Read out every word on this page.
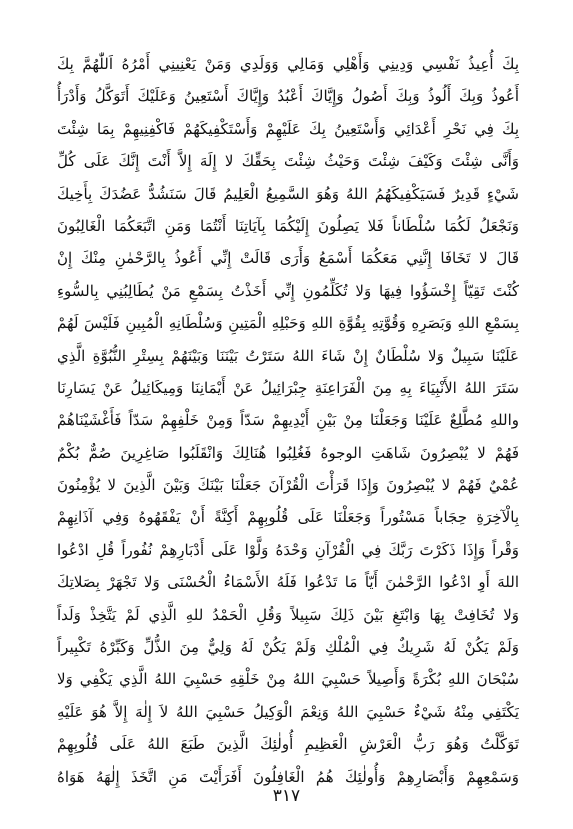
بِكَ أُعِيذُ نَفْسِي وَدِينِي وَأَهْلِي وَمَالِي وَوَلَدِي وَمَنْ يَعْنِينِي أَمْرُهُ اَللّٰهُمَّ بِكَ
أَعُوذُ وَبِكَ أَلُوذُ وَبِكَ أَصُولُ وَإِيَّاكَ أَعْبُدُ وَإِيَّاكَ أَسْتَعِينُ وَعَلَيْكَ أَتَوَكَّلُ وَأَدْرَأُ
بِكَ فِي نَحْرِ أَعْدَائِي وَأَسْتَعِينُ بِكَ عَلَيْهِمْ وَأَسْتَكْفِيكَهُمْ فَاكْفِنِيهِمْ بِمَا شِئْتَ
وَأَنَّى شِئْتَ وَكَيْفَ شِئْتَ وَحَيْثُ شِئْتَ بِحَقِّكَ لا إِلَهَ إِلاَّ أَنْتَ إِنَّكَ عَلَى كُلِّ
شَيْءٍ قَدِيرٌ فَسَيَكْفِيكَهُمُ اللهُ وَهُوَ السَّمِيعُ الْعَلِيمُ قَالَ سَنَشُدُّ عَضُدَكَ بِأَخِيكَ
وَنَجْعَلُ لَكُمَا سُلْطَاناً فَلا يَصِلُونَ إِلَيْكُمَا بِآيَاتِنَا أَنْتُمَا وَمَنِ اتَّبَعَكُمَا الْغَالِبُونَ
قَالَ لا تَخَافَا إِنَّنِي مَعَكُمَا أَسْمَعُ وَأَرَى قَالَتْ إِنِّي أَعُوذُ بِالرَّحْمٰنِ مِنْكَ إِنْ
كُنْتَ تَقِيّاً إِخْسَؤُوا فِيهَا وَلا تُكَلِّمُونِ إِنِّي أَخَذْتُ بِسَمْعِ مَنْ يُطَالِبُنِي بِالسُّوءِ
بِسَمْعِ اللهِ وَبَصَرِهِ وَقُوَّتِهِ بِقُوَّةِ اللهِ وَحَبْلِهِ الْمَتِينِ وَسُلْطَانِهِ الْمُبِينِ فَلَيْسَ لَهُمْ
عَلَيْنَا سَبِيلٌ وَلا سُلْطَانٌ إِنْ شَاءَ اللهُ سَتَرْتُ بَيْنَنَا وَبَيْنَهُمْ بِسِتْرِ النُّبُوَّةِ الَّذِي
سَتَرَ اللهُ الأَنْبِيَاءَ بِهِ مِنَ الْفَرَاعِنَةِ جِبْرَائِيلُ عَنْ أَيْمَانِنَا وَمِيكَائِيلُ عَنْ يَسَارِنَا
واللهِ مُطَّلِعٌ عَلَيْنَا وَجَعَلْنَا مِنْ بَيْنِ أَيْدِيهِمْ سَدّاً وَمِنْ خَلْفِهِمْ سَدّاً فَأَغْشَيْنَاهُمْ
فَهُمْ لا يُبْصِرُونَ شَاهَتِ الوجوهُ فَغُلِبُوا هُنَالِكَ وَانْقَلَبُوا صَاغِرِينَ صُمٌّ بُكْمٌ
عُمْيٌ فَهُمْ لا يُبْصِرُونَ وَإِذَا قَرَأْتَ الْقُرْآنَ جَعَلْنَا بَيْنَكَ وَبَيْنَ الَّذِينَ لا يُؤْمِنُونَ
بِالْآخِرَةِ حِجَاباً مَسْتُوراً وَجَعَلْنَا عَلَى قُلُوبِهِمْ أَكِنَّةً أَنْ يَفْقَهُوهُ وَفِي آذَانِهِمْ
وَقْراً وَإِذَا ذَكَرْتَ رَبَّكَ فِي الْقُرْآنِ وَحْدَهُ وَلَّوْا عَلَى أَدْبَارِهِمْ نُفُوراً قُلِ ادْعُوا
اللهَ أَوِ ادْعُوا الرَّحْمٰنَ أَيّاً مَا تَدْعُوا فَلَهُ الأَسْمَاءُ الْحُسْنَى وَلا تَجْهَرْ بِصَلاتِكَ
وَلا تُخَافِتْ بِهَا وَابْتَغِ بَيْنَ ذَلِكَ سَبِيلاً وَقُلِ الْحَمْدُ للهِ الَّذِي لَمْ يَتَّخِذْ وَلَداً
وَلَمْ يَكُنْ لَهُ شَرِيكٌ فِي الْمُلْكِ وَلَمْ يَكُنْ لَهُ وَلِيٌّ مِنَ الذُّلِّ وَكَبِّرْهُ تَكْبِيراً
سُبْحَانَ اللهِ بُكْرَةً وَأَصِيلاً حَسْبِيَ اللهُ مِنْ خَلْقِهِ حَسْبِيَ اللهُ الَّذِي يَكْفِي وَلا
يَكْتَفِي مِنْهُ شَيْءٌ حَسْبِيَ اللهُ وَنِعْمَ الْوَكِيلُ حَسْبِيَ اللهُ لاَ إِلٰهَ إِلاَّ هُوَ عَلَيْهِ
تَوَكَّلْتُ وَهُوَ رَبُّ الْعَرْشِ الْعَظِيمِ أُولٰئِكَ الَّذِينَ طَبَعَ اللهُ عَلَى قُلُوبِهِمْ
وَسَمْعِهِمْ وَأَبْصَارِهِمْ وَأُولٰئِكَ هُمُ الْغَافِلُونَ أَفَرَأَيْتَ مَنِ اتَّخَذَ إِلٰهَهُ هَوَاهُ
٣١٧
